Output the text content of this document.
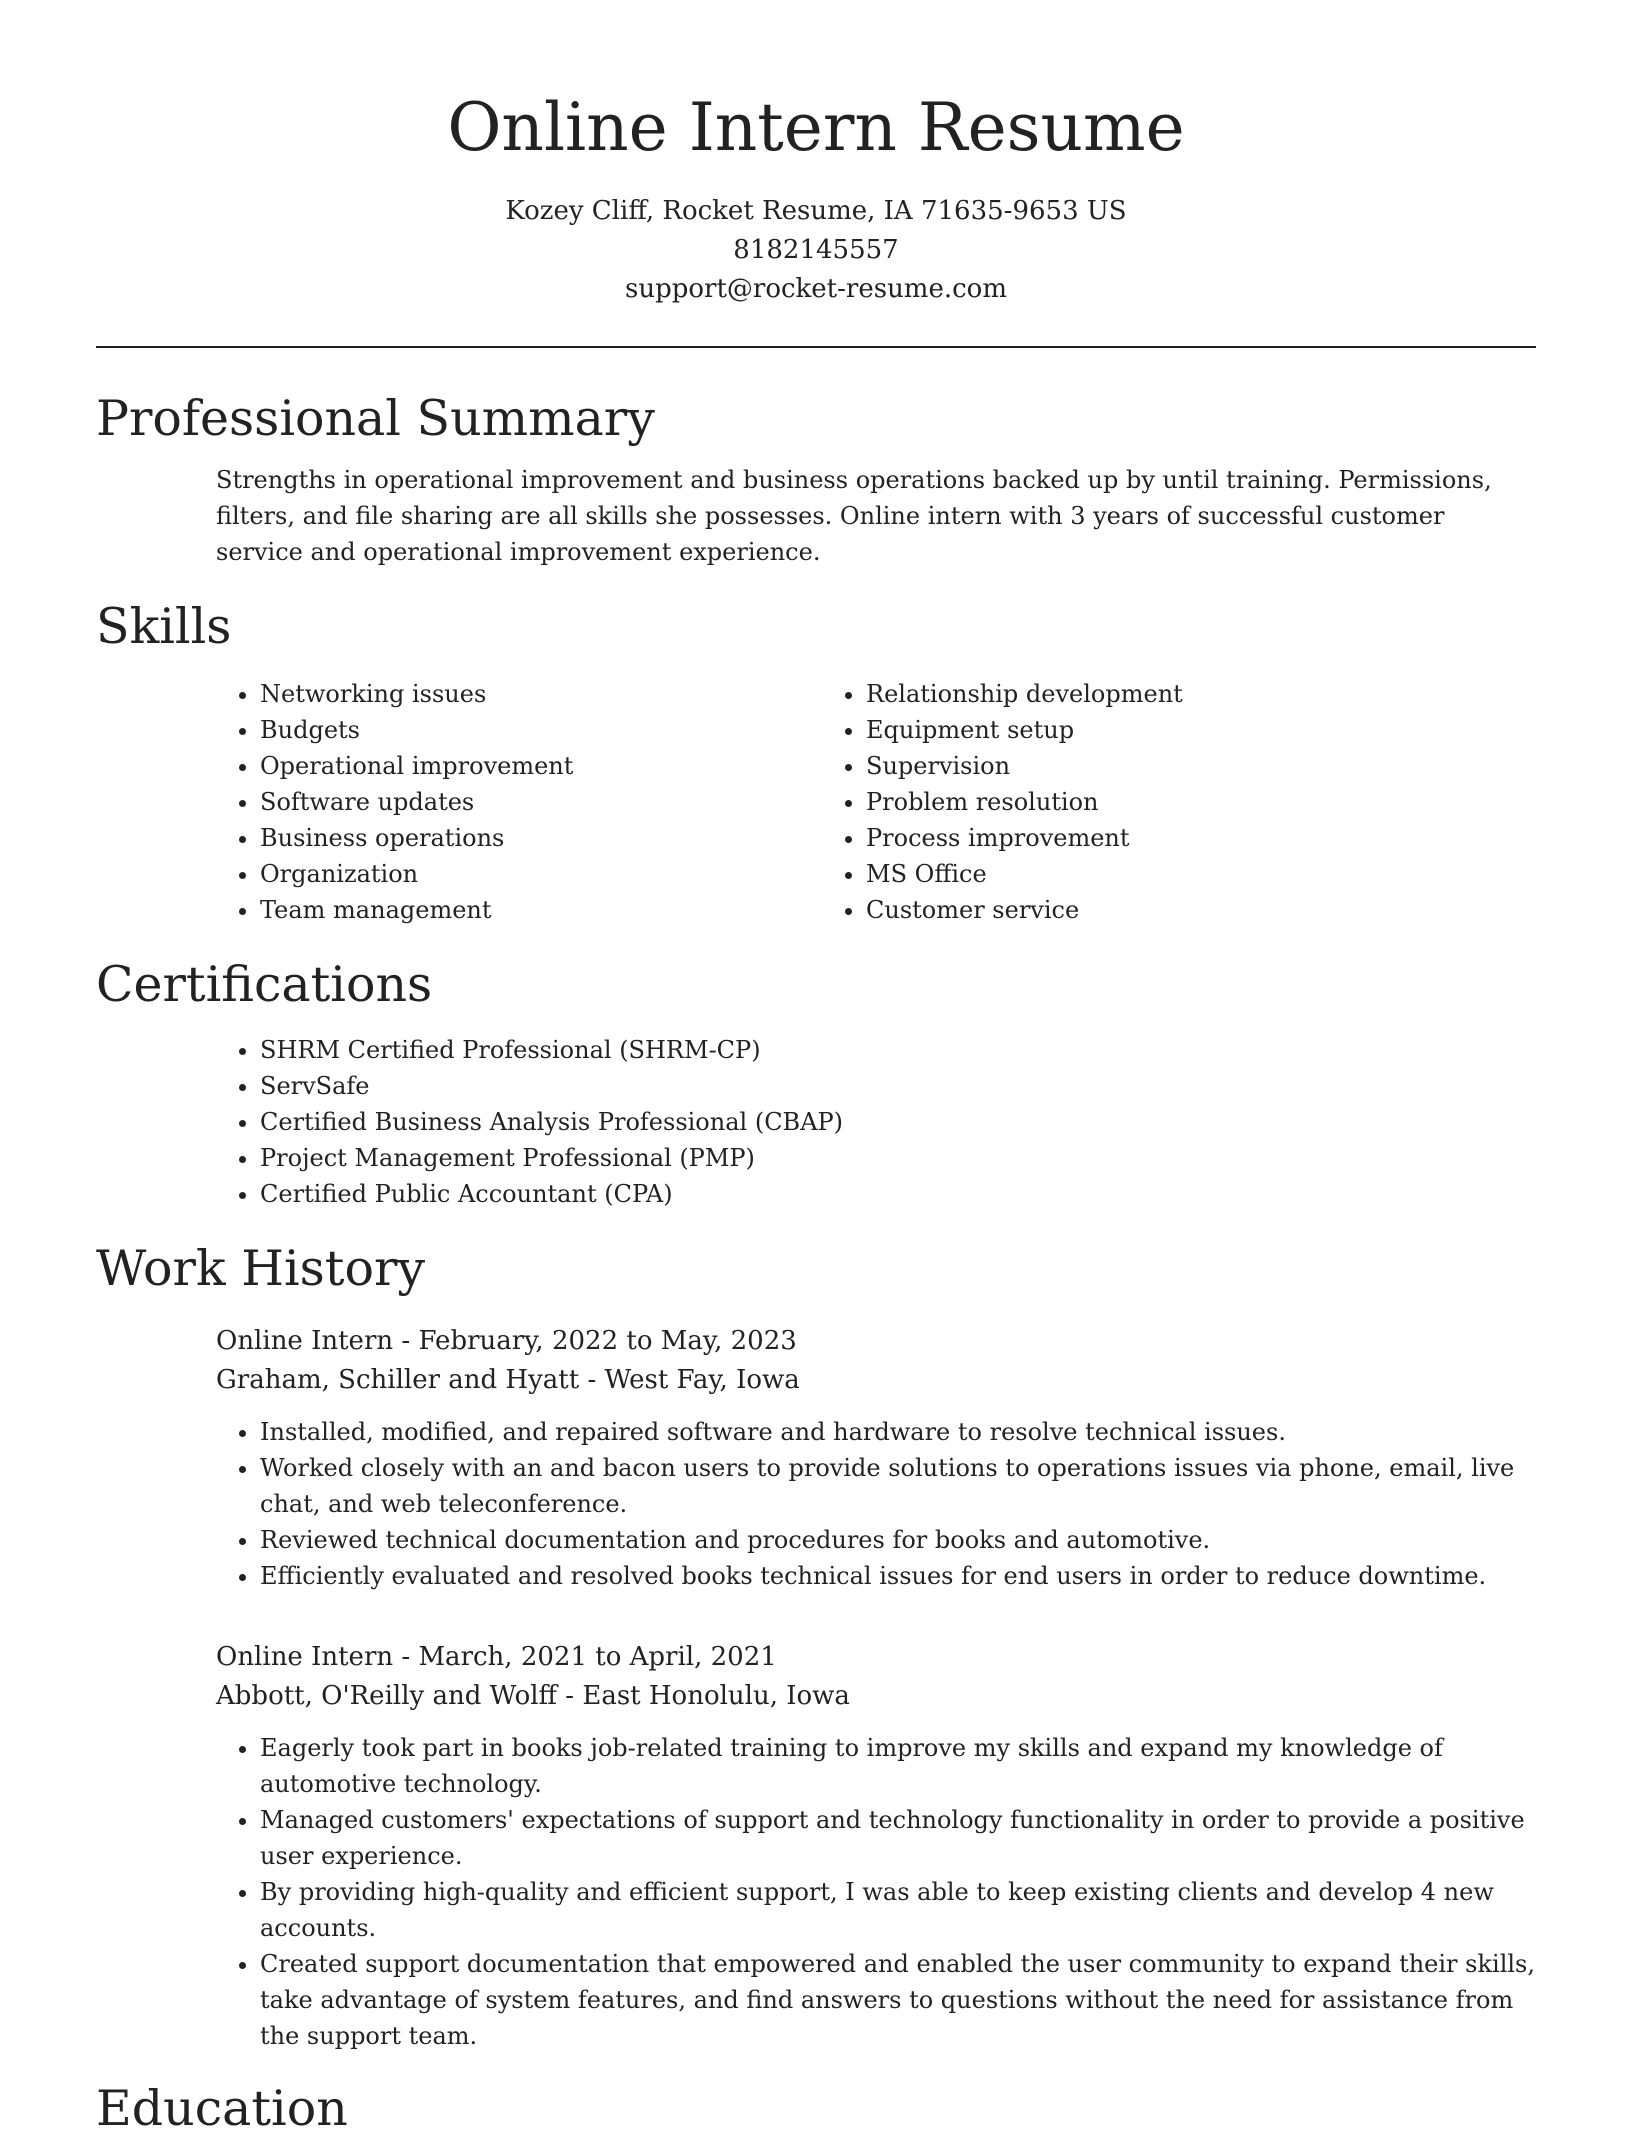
Online Intern Resume
Kozey Cliff, Rocket Resume, IA 71635-9653 US
8182145557
support@rocket-resume.com
Professional Summary

Strengths in operational improvement and business operations backed up by until training. Permissions, filters, and file sharing are all skills she possesses. Online intern with 3 years of successful customer service and operational improvement experience.

Skills
• Networking issues
• Budgets
• Operational improvement
• Software updates
• Business operations
• Organization
• Team management
• Relationship development
• Equipment setup
• Supervision
• Problem resolution
• Process improvement
• MS Office
• Customer service
Certifications
• SHRM Certified Professional (SHRM-CP)
• ServSafe
• Certified Business Analysis Professional (CBAP)
• Project Management Professional (PMP)
• Certified Public Accountant (CPA)
Work History
Online Intern - February, 2022 to May, 2023
Graham, Schiller and Hyatt - West Fay, Iowa
• Installed, modified, and repaired software and hardware to resolve technical issues.
• Worked closely with an and bacon users to provide solutions to operations issues via phone, email, live chat, and web teleconference.
• Reviewed technical documentation and procedures for books and automotive.
• Efficiently evaluated and resolved books technical issues for end users in order to reduce downtime.
Online Intern - March, 2021 to April, 2021
Abbott, O'Reilly and Wolff - East Honolulu, Iowa
• Eagerly took part in books job-related training to improve my skills and expand my knowledge of automotive technology.
• Managed customers' expectations of support and technology functionality in order to provide a positive user experience.
• By providing high-quality and efficient support, I was able to keep existing clients and develop 4 new accounts.
• Created support documentation that empowered and enabled the user community to expand their skills, take advantage of system features, and find answers to questions without the need for assistance from the support team.
Education
